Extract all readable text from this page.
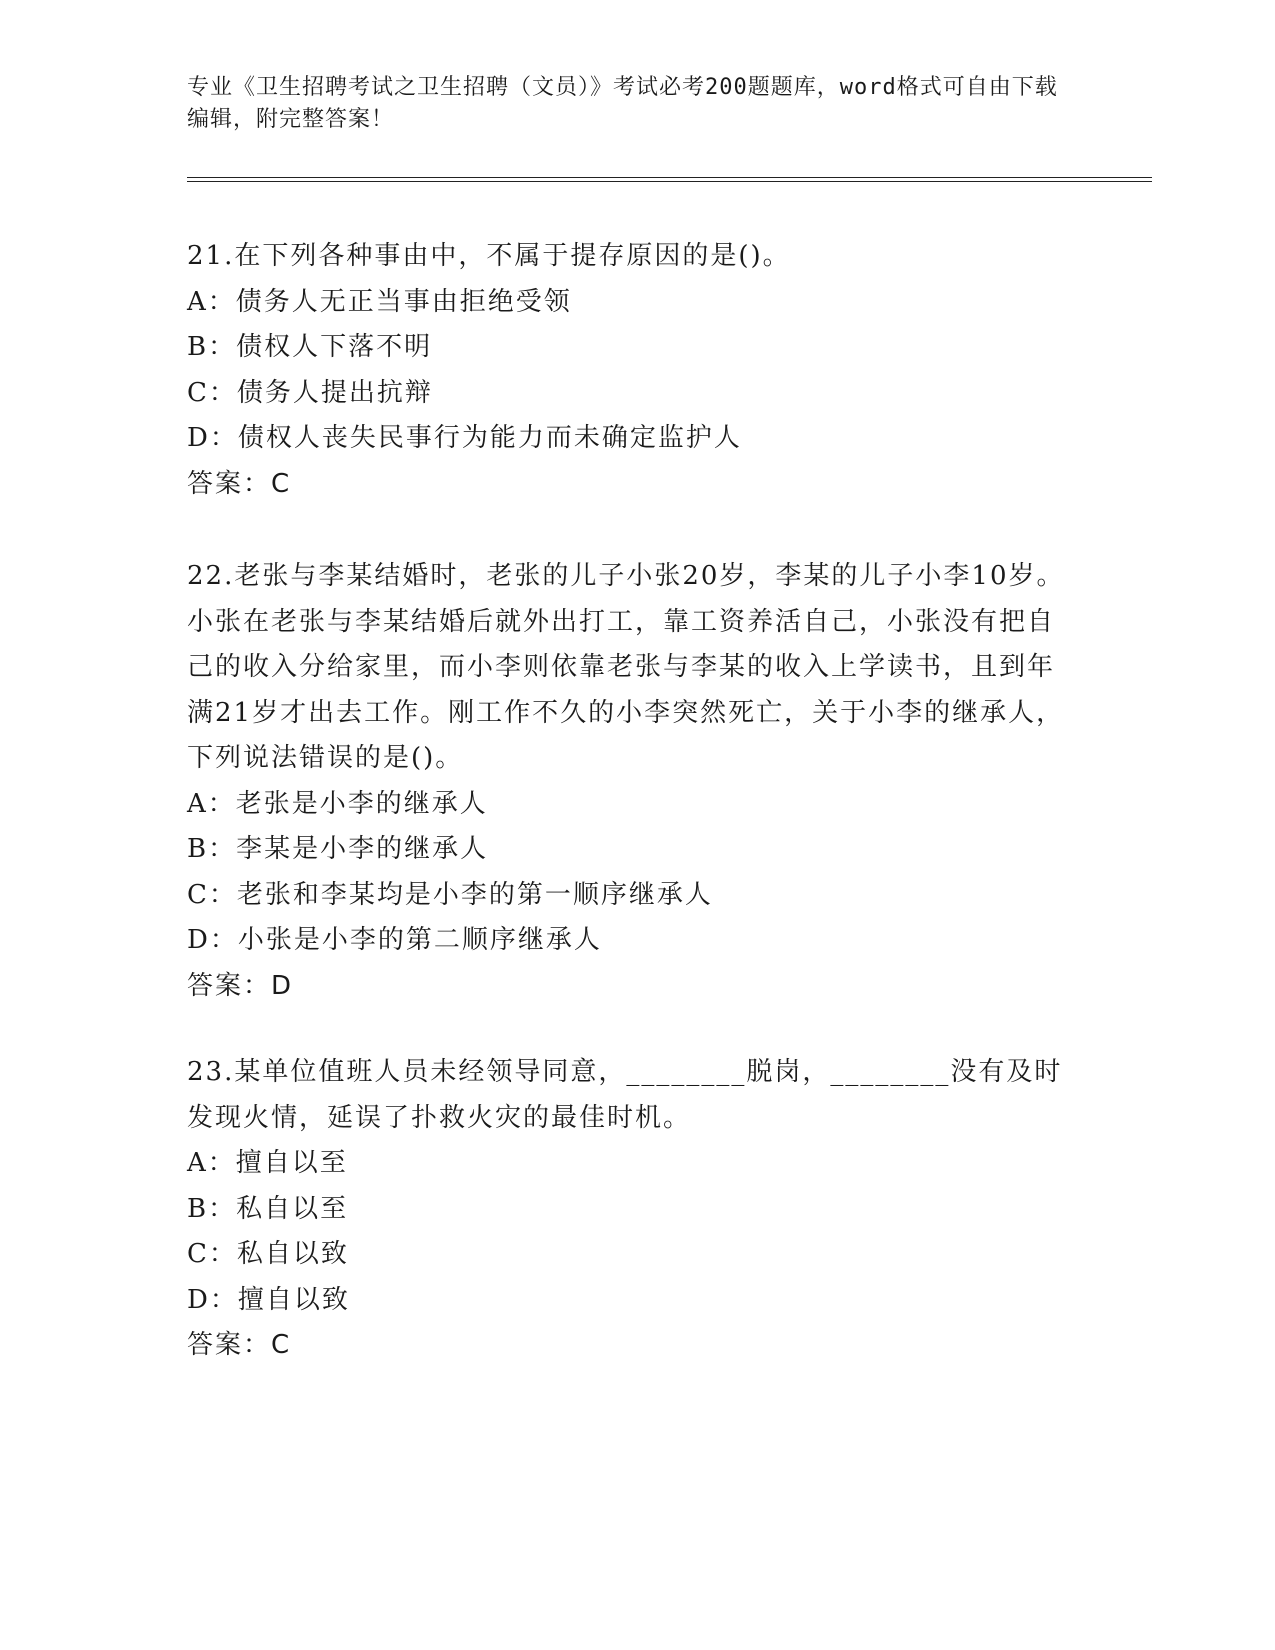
专业《卫生招聘考试之卫生招聘（文员）》考试必考200题题库，word格式可自由下载编辑，附完整答案！
21.在下列各种事由中，不属于提存原因的是()。
A：债务人无正当事由拒绝受领
B：债权人下落不明
C：债务人提出抗辩
D：债权人丧失民事行为能力而未确定监护人
答案：C
22.老张与李某结婚时，老张的儿子小张20岁，李某的儿子小李10岁。小张在老张与李某结婚后就外出打工，靠工资养活自己，小张没有把自己的收入分给家里，而小李则依靠老张与李某的收入上学读书，且到年满21岁才出去工作。刚工作不久的小李突然死亡，关于小李的继承人，下列说法错误的是()。
A：老张是小李的继承人
B：李某是小李的继承人
C：老张和李某均是小李的第一顺序继承人
D：小张是小李的第二顺序继承人
答案：D
23.某单位值班人员未经领导同意，________脱岗，________没有及时发现火情，延误了扑救火灾的最佳时机。
A：擅自以至
B：私自以至
C：私自以致
D：擅自以致
答案：C
